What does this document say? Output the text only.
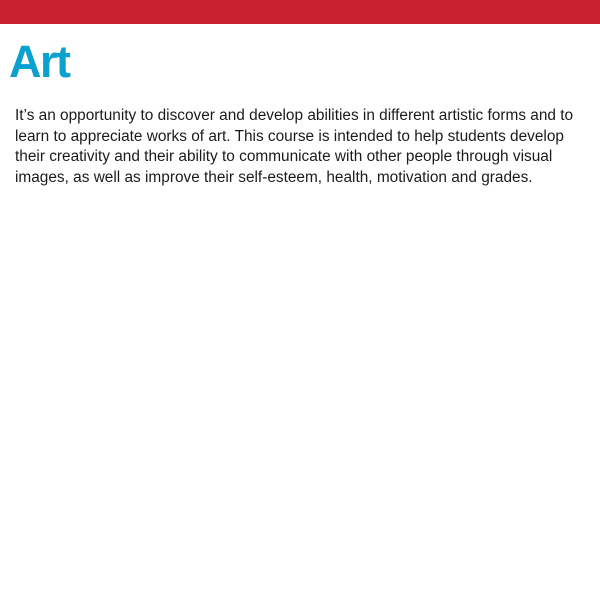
Art

It’s an opportunity to discover and develop abilities in different artistic forms and to learn to appreciate works of art. This course is intended to help students develop their creativity and their ability to communicate with other people through visual images, as well as improve their self-esteem, health, motivation and grades.
